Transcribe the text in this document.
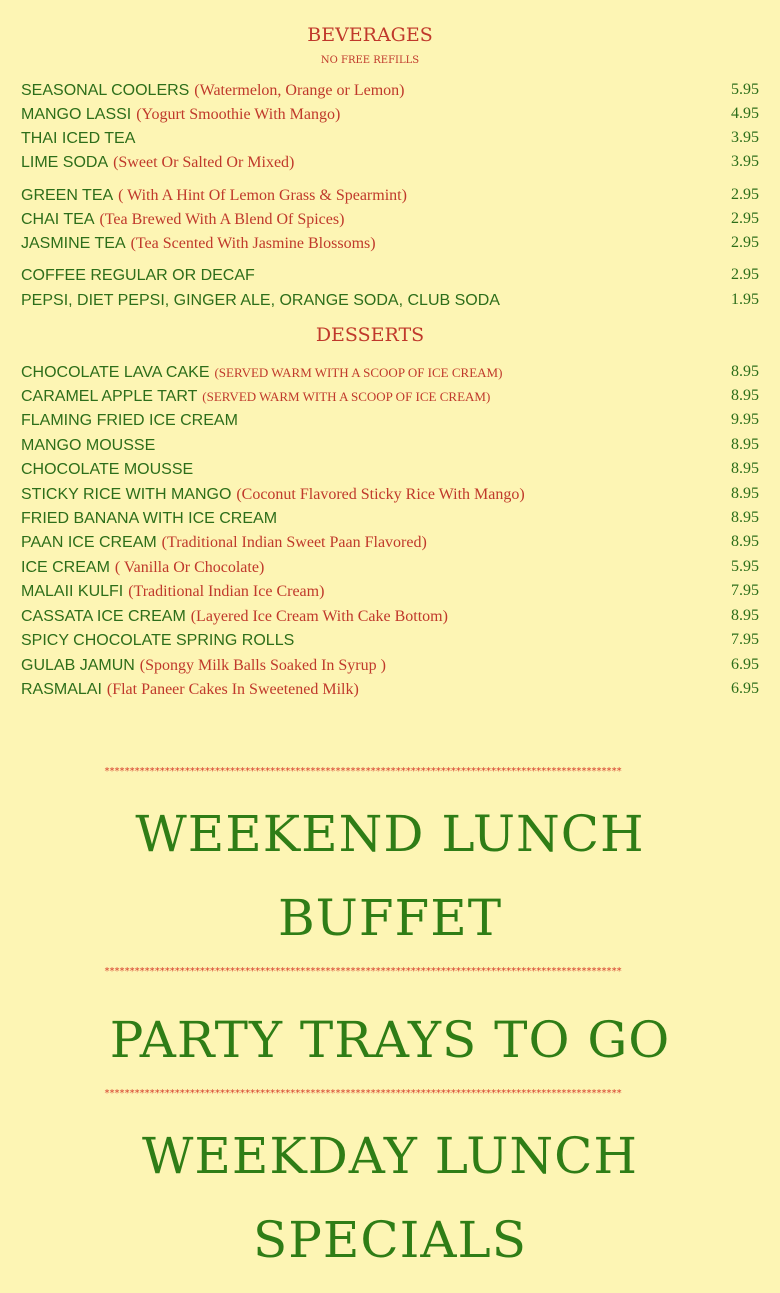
BEVERAGES
NO FREE REFILLS
SEASONAL COOLERS (Watermelon, Orange or Lemon)	5.95
MANGO LASSI (Yogurt Smoothie With Mango)	4.95
THAI ICED TEA	3.95
LIME SODA (Sweet Or Salted Or Mixed)	3.95
GREEN TEA ( With A Hint Of Lemon Grass & Spearmint)	2.95
CHAI TEA (Tea Brewed With A Blend Of Spices)	2.95
JASMINE TEA (Tea Scented With Jasmine Blossoms)	2.95
COFFEE REGULAR OR DECAF	2.95
PEPSI, DIET PEPSI, GINGER ALE, ORANGE SODA, CLUB SODA	1.95
DESSERTS
CHOCOLATE LAVA CAKE (SERVED WARM WITH A SCOOP OF ICE CREAM)	8.95
CARAMEL APPLE TART (SERVED WARM WITH A SCOOP OF ICE CREAM)	8.95
FLAMING FRIED ICE CREAM	9.95
MANGO MOUSSE	8.95
CHOCOLATE MOUSSE	8.95
STICKY RICE WITH MANGO (Coconut Flavored Sticky Rice With Mango)	8.95
FRIED BANANA WITH ICE CREAM	8.95
PAAN ICE CREAM (Traditional Indian Sweet Paan Flavored)	8.95
ICE CREAM ( Vanilla Or Chocolate)	5.95
MALAII KULFI (Traditional Indian Ice Cream)	7.95
CASSATA ICE CREAM (Layered Ice Cream With Cake Bottom)	8.95
SPICY CHOCOLATE SPRING ROLLS	7.95
GULAB JAMUN (Spongy Milk Balls Soaked In Syrup )	6.95
RASMALAI (Flat Paneer Cakes In Sweetened Milk)	6.95
*******************************************************************************************************
WEEKEND LUNCH
BUFFET
*******************************************************************************************************
PARTY TRAYS TO GO
*******************************************************************************************************
WEEKDAY LUNCH
SPECIALS
